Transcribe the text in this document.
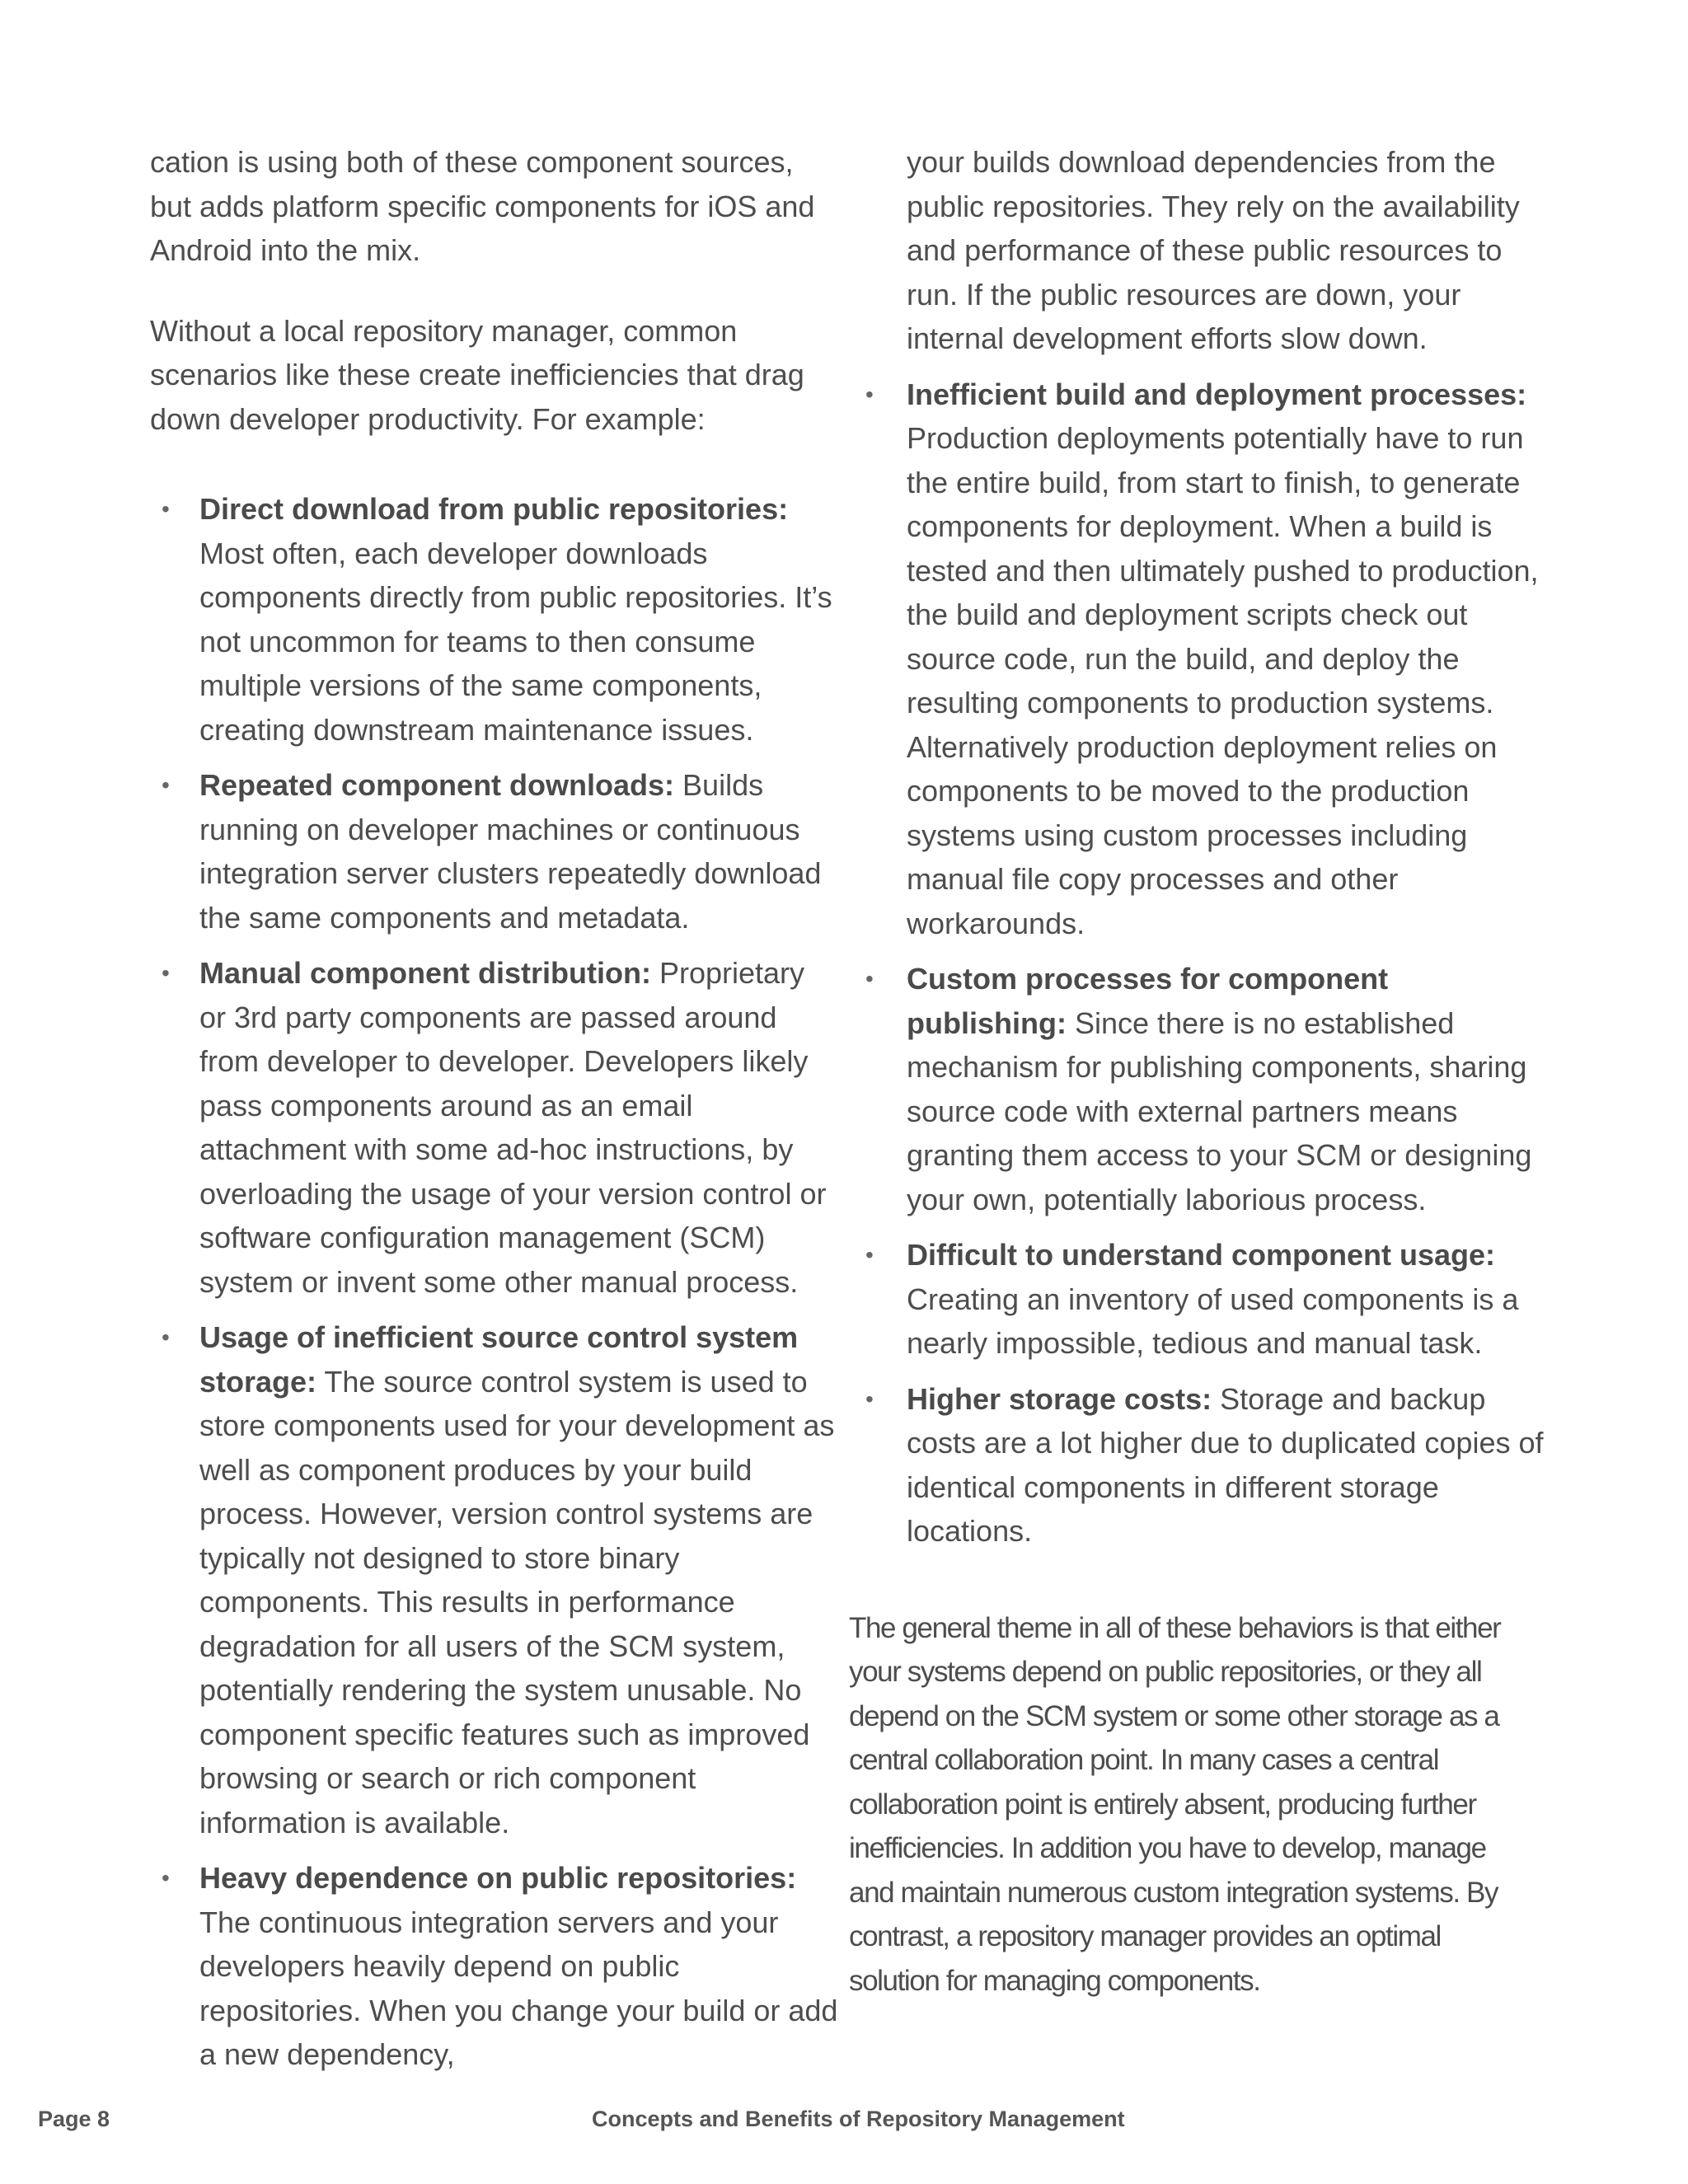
cation is using both of these component sources, but adds platform specific components for iOS and Android into the mix.

Without a local repository manager, common scenarios like these create inefficiencies that drag down developer productivity. For example:

• Direct download from public repositories: Most often, each developer downloads components directly from public repositories. It’s not uncommon for teams to then consume multiple versions of the same components, creating downstream maintenance issues.
• Repeated component downloads: Builds running on developer machines or continuous integration server clusters repeatedly download the same components and metadata.
• Manual component distribution: Proprietary or 3rd party components are passed around from developer to developer. Developers likely pass components around as an email attachment with some ad-hoc instructions, by overloading the usage of your version control or software configuration management (SCM) system or invent some other manual process.
• Usage of inefficient source control system storage: The source control system is used to store components used for your development as well as component produces by your build process. However, version control systems are typically not designed to store binary components. This results in performance degradation for all users of the SCM system, potentially rendering the system unusable. No component specific features such as improved browsing or search or rich component information is available.
• Heavy dependence on public repositories: The continuous integration servers and your developers heavily depend on public repositories. When you change your build or add a new dependency,
your builds download dependencies from the public repositories. They rely on the availability and performance of these public resources to run. If the public resources are down, your internal development efforts slow down.
• Inefficient build and deployment processes: Production deployments potentially have to run the entire build, from start to finish, to generate components for deployment. When a build is tested and then ultimately pushed to production, the build and deployment scripts check out source code, run the build, and deploy the resulting components to production systems. Alternatively production deployment relies on components to be moved to the production systems using custom processes including manual file copy processes and other workarounds.
• Custom processes for component publishing: Since there is no established mechanism for publishing components, sharing source code with external partners means granting them access to your SCM or designing your own, potentially laborious process.
• Difficult to understand component usage: Creating an inventory of used components is a nearly impossible, tedious and manual task.
• Higher storage costs: Storage and backup costs are a lot higher due to duplicated copies of identical components in different storage locations.

The general theme in all of these behaviors is that either your systems depend on public repositories, or they all depend on the SCM system or some other storage as a central collaboration point. In many cases a central collaboration point is entirely absent, producing further inefficiencies. In addition you have to develop, manage and maintain numerous custom integration systems. By contrast, a repository manager provides an optimal solution for managing components.

Page 8	Concepts and Benefits of Repository Management
